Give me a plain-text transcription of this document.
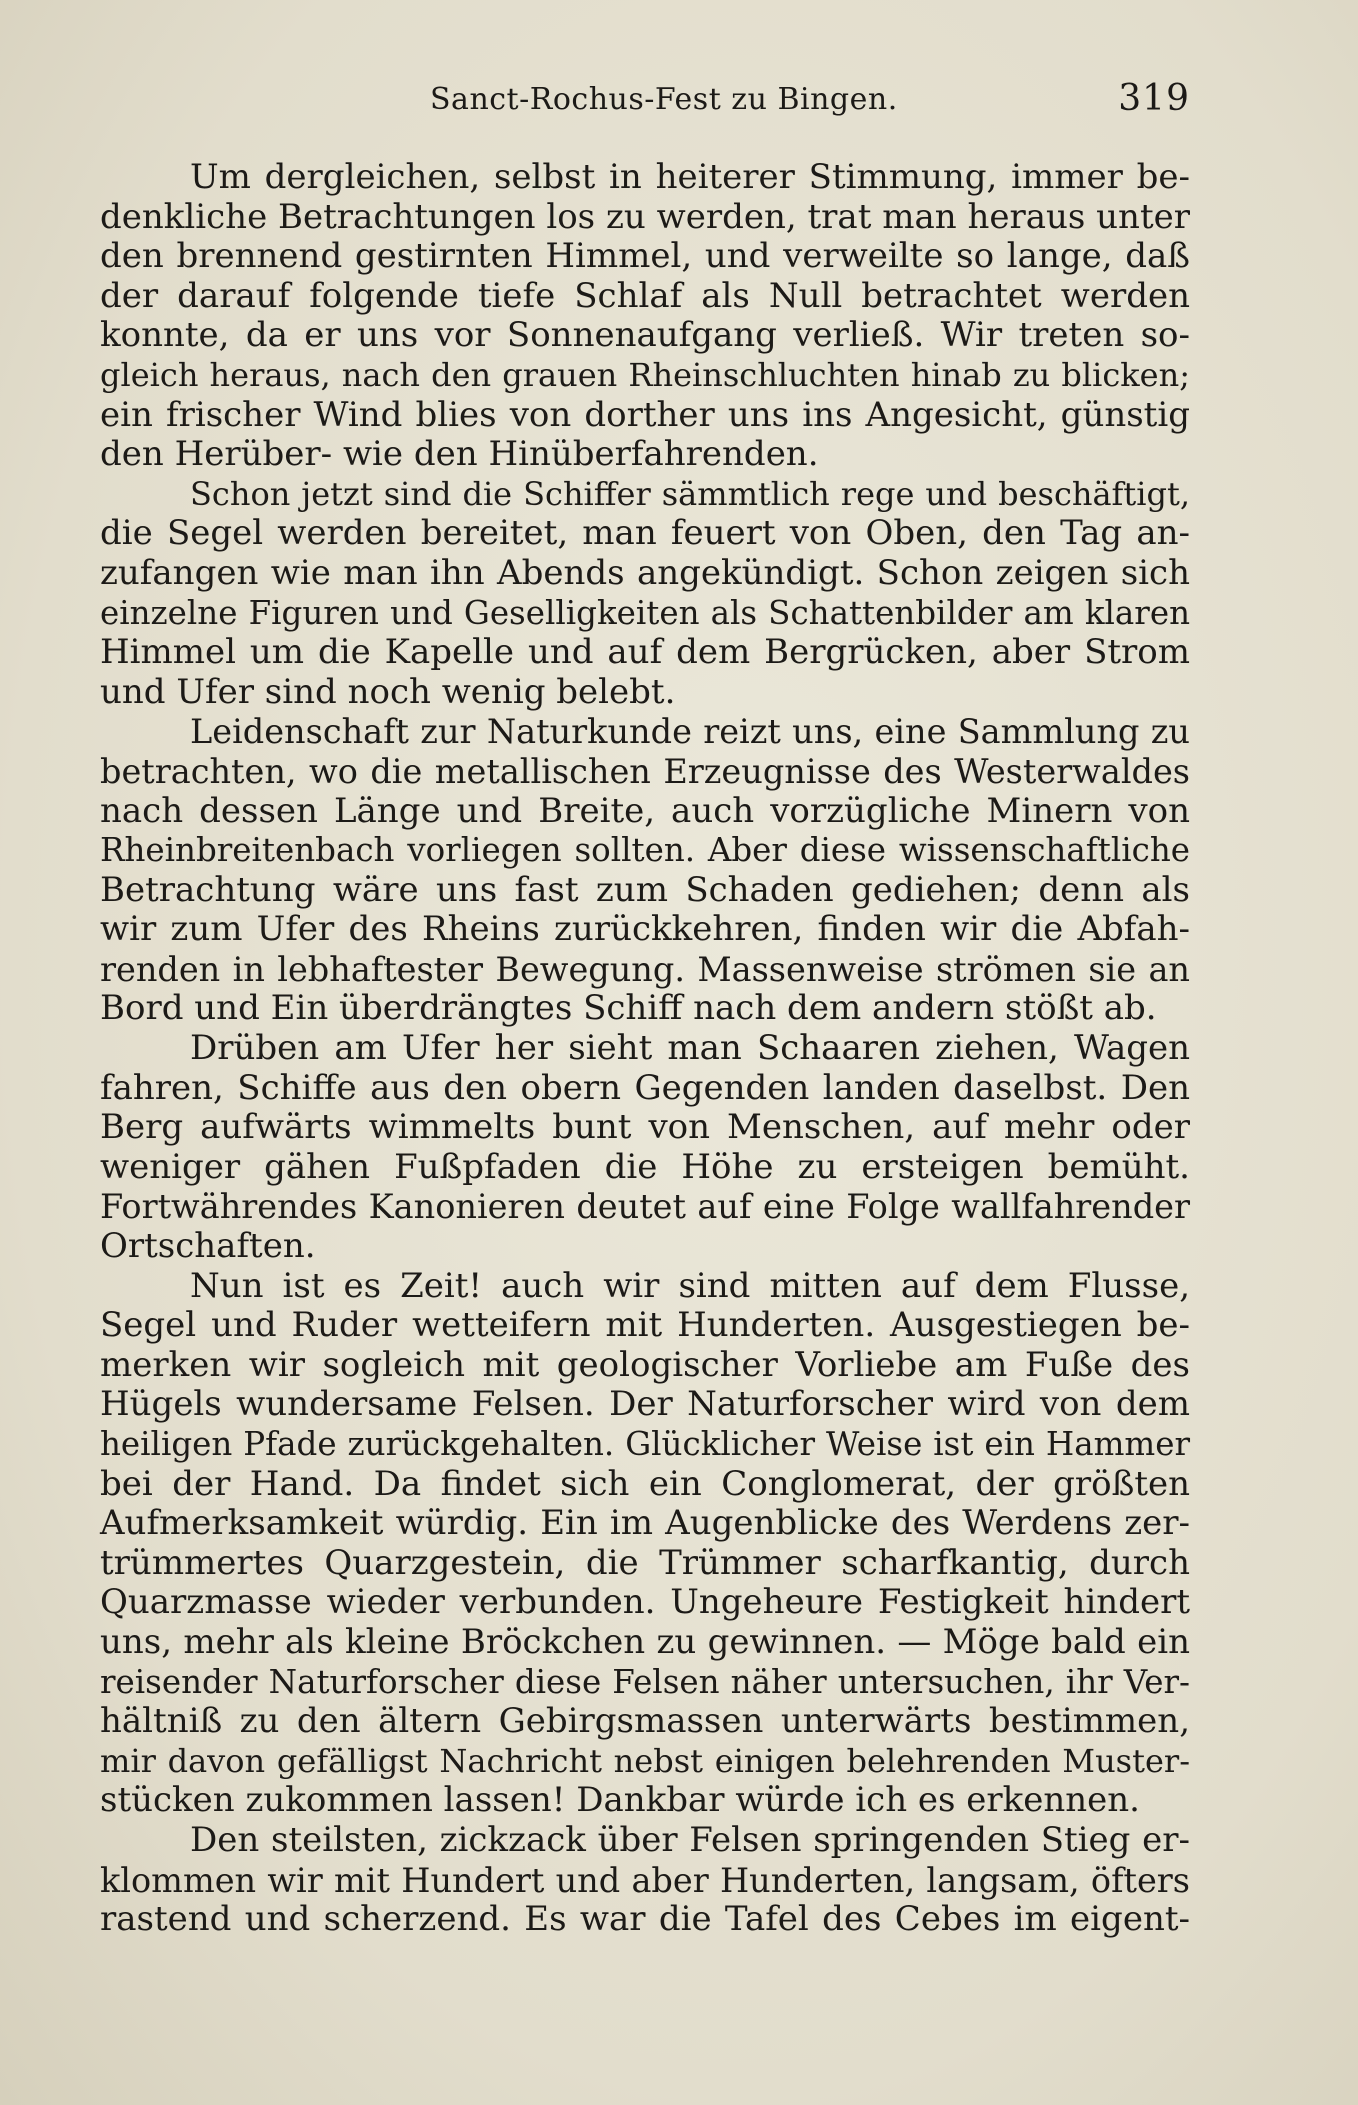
Sanct-Rochus-Fest zu Bingen.	319
Um dergleichen, selbst in heiterer Stimmung, immer be-
denkliche Betrachtungen los zu werden, trat man heraus unter
den brennend gestirnten Himmel, und verweilte so lange, daß
der darauf folgende tiefe Schlaf als Null betrachtet werden
konnte, da er uns vor Sonnenaufgang verließ. Wir treten so-
gleich heraus, nach den grauen Rheinschluchten hinab zu blicken;
ein frischer Wind blies von dorther uns ins Angesicht, günstig
den Herüber- wie den Hinüberfahrenden.
Schon jetzt sind die Schiffer sämmtlich rege und beschäftigt,
die Segel werden bereitet, man feuert von Oben, den Tag an-
zufangen wie man ihn Abends angekündigt. Schon zeigen sich
einzelne Figuren und Geselligkeiten als Schattenbilder am klaren
Himmel um die Kapelle und auf dem Bergrücken, aber Strom
und Ufer sind noch wenig belebt.
Leidenschaft zur Naturkunde reizt uns, eine Sammlung zu
betrachten, wo die metallischen Erzeugnisse des Westerwaldes
nach dessen Länge und Breite, auch vorzügliche Minern von
Rheinbreitenbach vorliegen sollten. Aber diese wissenschaftliche
Betrachtung wäre uns fast zum Schaden gediehen; denn als
wir zum Ufer des Rheins zurückkehren, finden wir die Abfah-
renden in lebhaftester Bewegung. Massenweise strömen sie an
Bord und Ein überdrängtes Schiff nach dem andern stößt ab.
Drüben am Ufer her sieht man Schaaren ziehen, Wagen
fahren, Schiffe aus den obern Gegenden landen daselbst. Den
Berg aufwärts wimmelts bunt von Menschen, auf mehr oder
weniger gähen Fußpfaden die Höhe zu ersteigen bemüht.
Fortwährendes Kanonieren deutet auf eine Folge wallfahrender
Ortschaften.
Nun ist es Zeit! auch wir sind mitten auf dem Flusse,
Segel und Ruder wetteifern mit Hunderten. Ausgestiegen be-
merken wir sogleich mit geologischer Vorliebe am Fuße des
Hügels wundersame Felsen. Der Naturforscher wird von dem
heiligen Pfade zurückgehalten. Glücklicher Weise ist ein Hammer
bei der Hand. Da findet sich ein Conglomerat, der größten
Aufmerksamkeit würdig. Ein im Augenblicke des Werdens zer-
trümmertes Quarzgestein, die Trümmer scharfkantig, durch
Quarzmasse wieder verbunden. Ungeheure Festigkeit hindert
uns, mehr als kleine Bröckchen zu gewinnen. — Möge bald ein
reisender Naturforscher diese Felsen näher untersuchen, ihr Ver-
hältniß zu den ältern Gebirgsmassen unterwärts bestimmen,
mir davon gefälligst Nachricht nebst einigen belehrenden Muster-
stücken zukommen lassen! Dankbar würde ich es erkennen.
Den steilsten, zickzack über Felsen springenden Stieg er-
klommen wir mit Hundert und aber Hunderten, langsam, öfters
rastend und scherzend. Es war die Tafel des Cebes im eigent-
